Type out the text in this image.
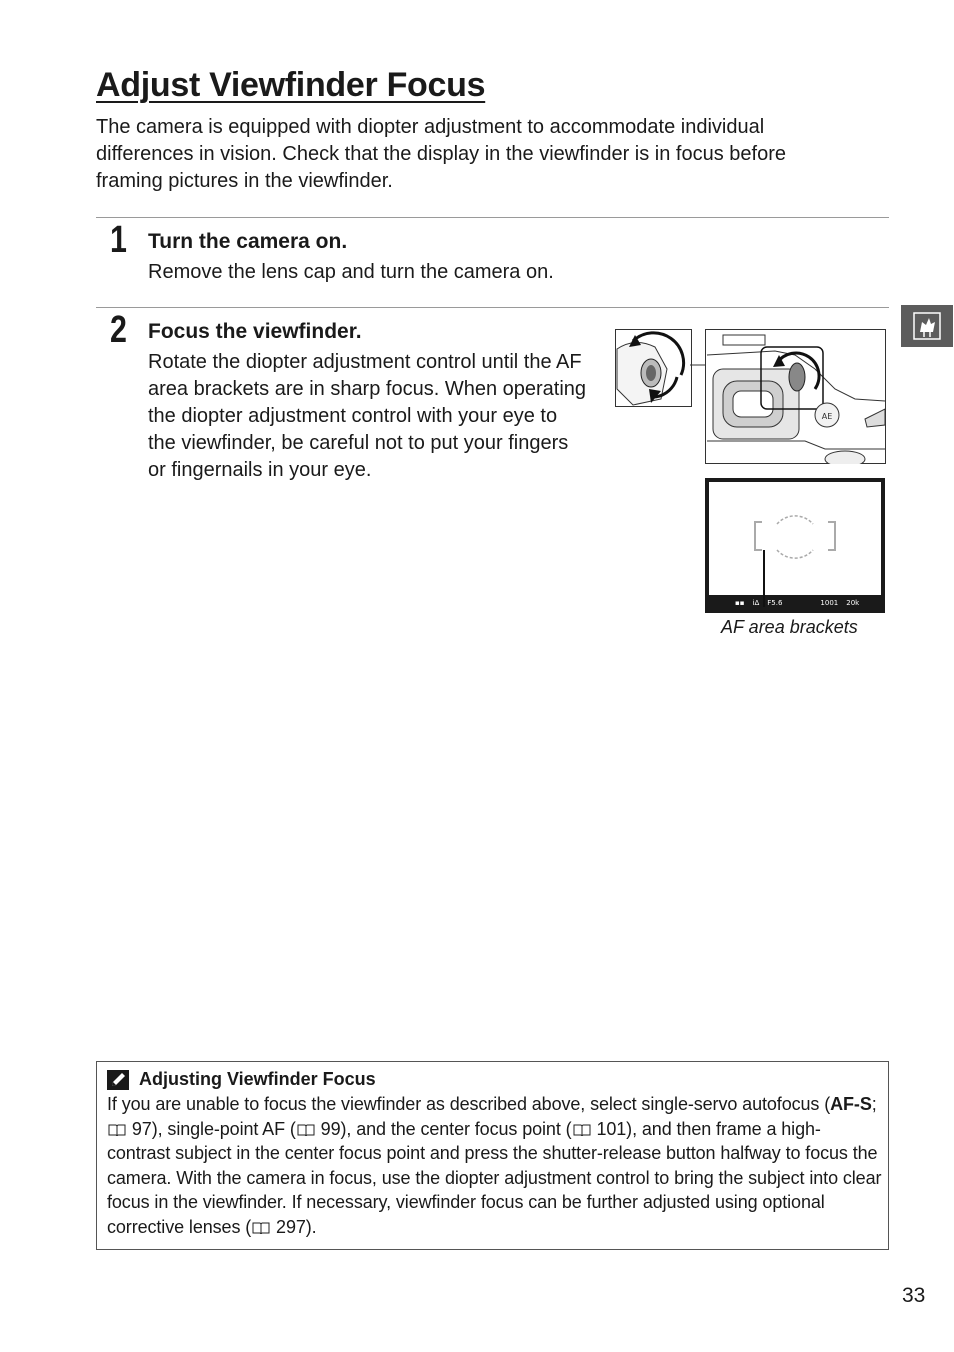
Adjust Viewfinder Focus

The camera is equipped with diopter adjustment to accommodate individual differences in vision. Check that the display in the viewfinder is in focus before framing pictures in the viewfinder.

1 Turn the camera on.

Remove the lens cap and turn the camera on.

2 Focus the viewfinder.

Rotate the diopter adjustment control until the AF area brackets are in sharp focus. When operating the diopter adjustment control with your eye to the viewfinder, be careful not to put your fingers or fingernails in your eye.

AE
▪▪ iΔ F5.6	1001 20k
AF area brackets
Adjusting Viewfinder Focus

If you are unable to focus the viewfinder as described above, select single-servo autofocus (AF-S;  97), single-point AF ( 99), and the center focus point ( 101), and then frame a high-contrast subject in the center focus point and press the shutter-release button halfway to focus the camera. With the camera in focus, use the diopter adjustment control to bring the subject into clear focus in the viewfinder. If necessary, viewfinder focus can be further adjusted using optional corrective lenses ( 297).

33
